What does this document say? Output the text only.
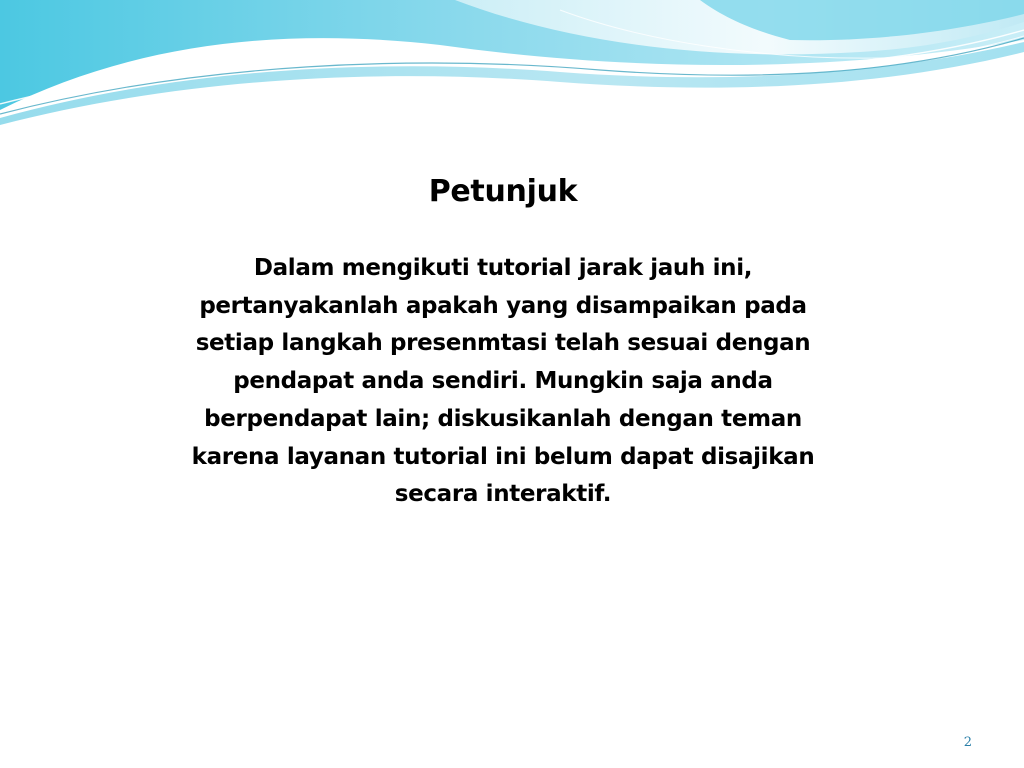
Petunjuk
Dalam mengikuti tutorial jarak jauh ini, pertanyakanlah apakah yang disampaikan pada setiap langkah presenmtasi telah sesuai dengan pendapat anda sendiri. Mungkin saja anda berpendapat lain; diskusikanlah dengan teman karena layanan tutorial ini belum dapat disajikan secara interaktif.
2
